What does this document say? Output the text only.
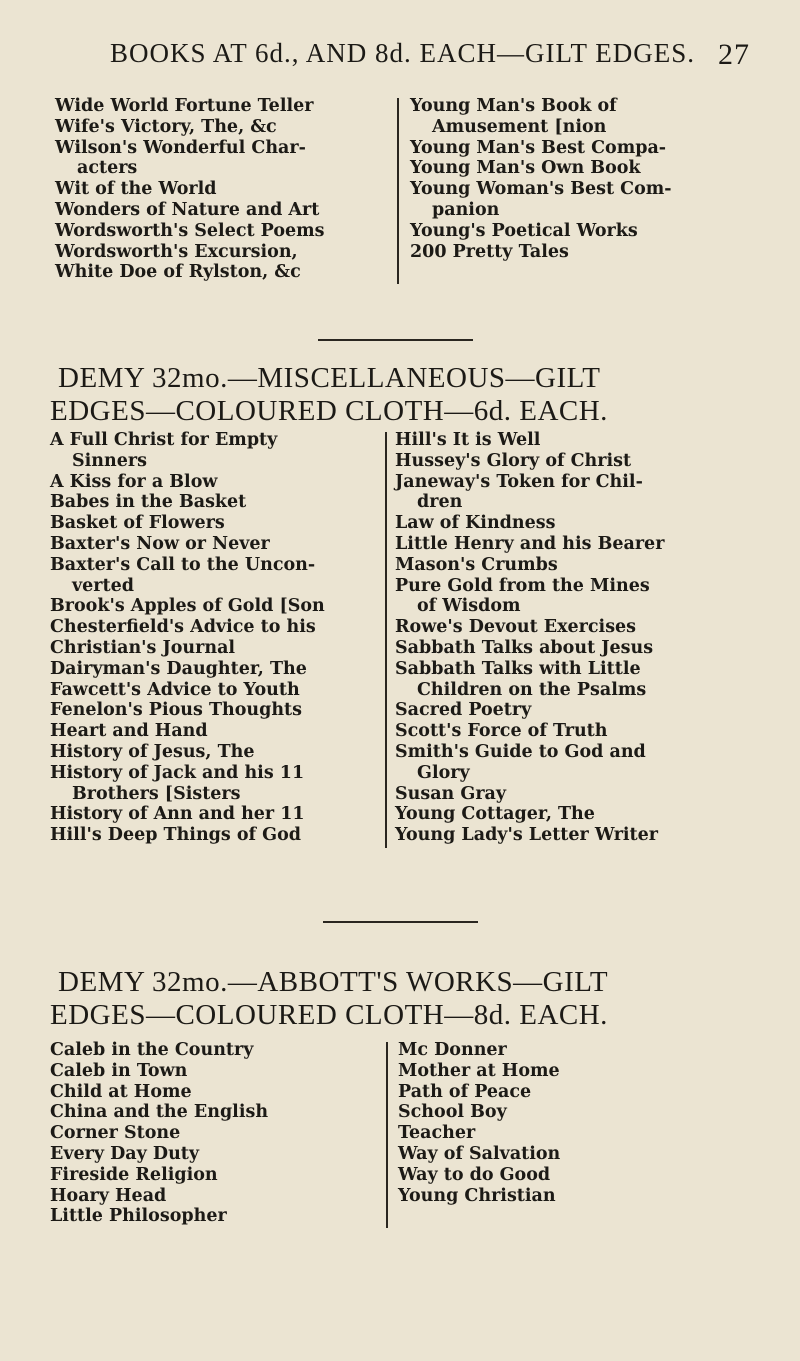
BOOKS AT 6d., AND 8d. EACH—GILT EDGES. 27
Wide World Fortune Teller
Wife's Victory, The, &c
Wilson's Wonderful Char-
acters
Wit of the World
Wonders of Nature and Art
Wordsworth's Select Poems
Wordsworth's Excursion,
White Doe of Rylston, &c
Young Man's Book of
Amusement [nion
Young Man's Best Compa-
Young Man's Own Book
Young Woman's Best Com-
panion
Young's Poetical Works
200 Pretty Tales
DEMY 32mo.—MISCELLANEOUS—GILT
EDGES—COLOURED CLOTH—6d. EACH.
A Full Christ for Empty
Sinners
A Kiss for a Blow
Babes in the Basket
Basket of Flowers
Baxter's Now or Never
Baxter's Call to the Uncon-
verted
Brook's Apples of Gold [Son
Chesterfield's Advice to his
Christian's Journal
Dairyman's Daughter, The
Fawcett's Advice to Youth
Fenelon's Pious Thoughts
Heart and Hand
History of Jesus, The
History of Jack and his 11
Brothers [Sisters
History of Ann and her 11
Hill's Deep Things of God
Hill's It is Well
Hussey's Glory of Christ
Janeway's Token for Chil-
dren
Law of Kindness
Little Henry and his Bearer
Mason's Crumbs
Pure Gold from the Mines
of Wisdom
Rowe's Devout Exercises
Sabbath Talks about Jesus
Sabbath Talks with Little
Children on the Psalms
Sacred Poetry
Scott's Force of Truth
Smith's Guide to God and
Glory
Susan Gray
Young Cottager, The
Young Lady's Letter Writer
DEMY 32mo.—ABBOTT'S WORKS—GILT
EDGES—COLOURED CLOTH—8d. EACH.
Caleb in the Country
Caleb in Town
Child at Home
China and the English
Corner Stone
Every Day Duty
Fireside Religion
Hoary Head
Little Philosopher
Mc Donner
Mother at Home
Path of Peace
School Boy
Teacher
Way of Salvation
Way to do Good
Young Christian
